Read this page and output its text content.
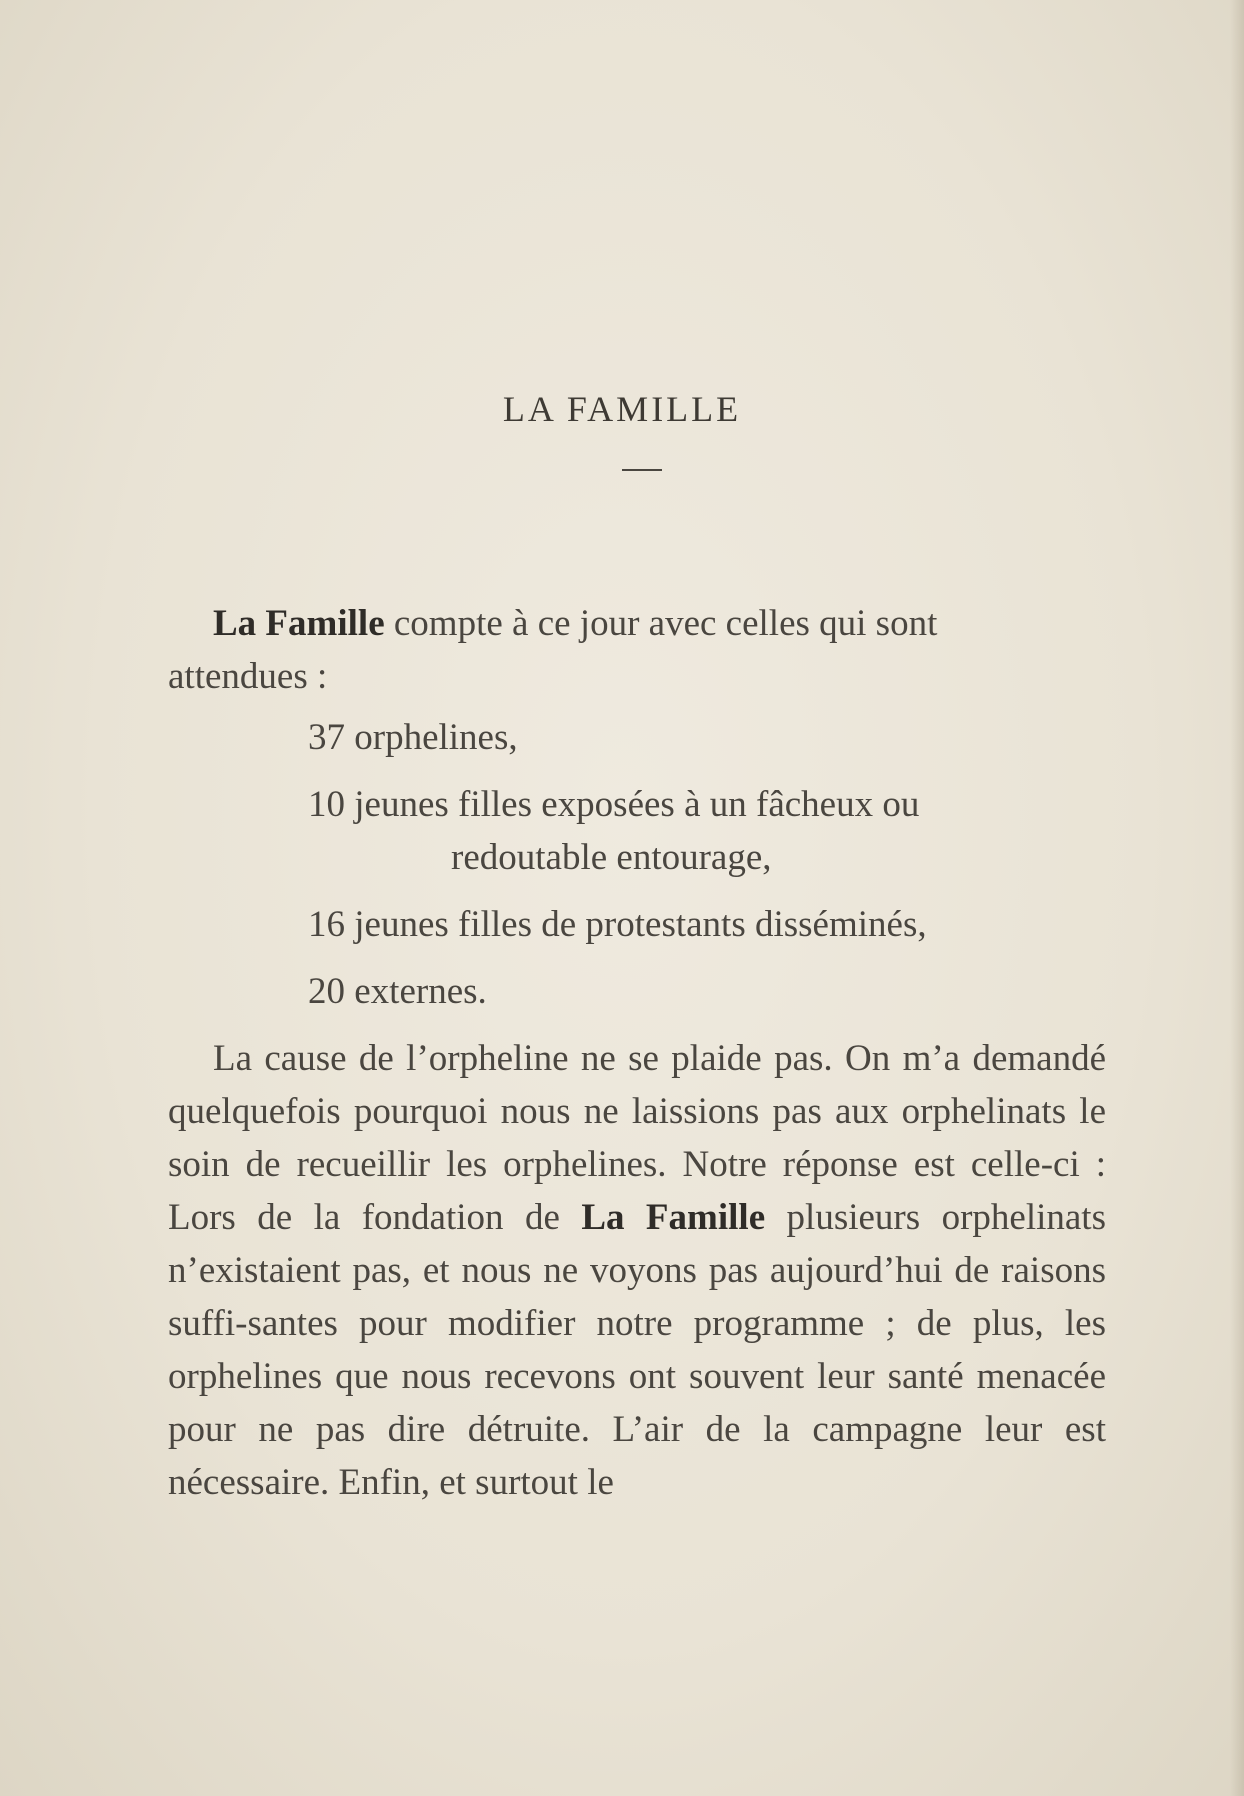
LA FAMILLE

La Famille compte à ce jour avec celles qui sont
attendues :

37 orphelines,
10 jeunes filles exposées à un fâcheux ou
redoutable entourage,
16 jeunes filles de protestants disséminés,
20 externes.

La cause de l’orpheline ne se plaide pas. On m’a demandé quelquefois pourquoi nous ne laissions pas aux orphelinats le soin de recueillir les orphelines. Notre réponse est celle-ci : Lors de la fondation de La Famille plusieurs orphelinats n’existaient pas, et nous ne voyons pas aujourd’hui de raisons suffi-santes pour modifier notre programme ; de plus, les orphelines que nous recevons ont souvent leur santé menacée pour ne pas dire détruite. L’air de la campagne leur est nécessaire. Enfin, et surtout le
